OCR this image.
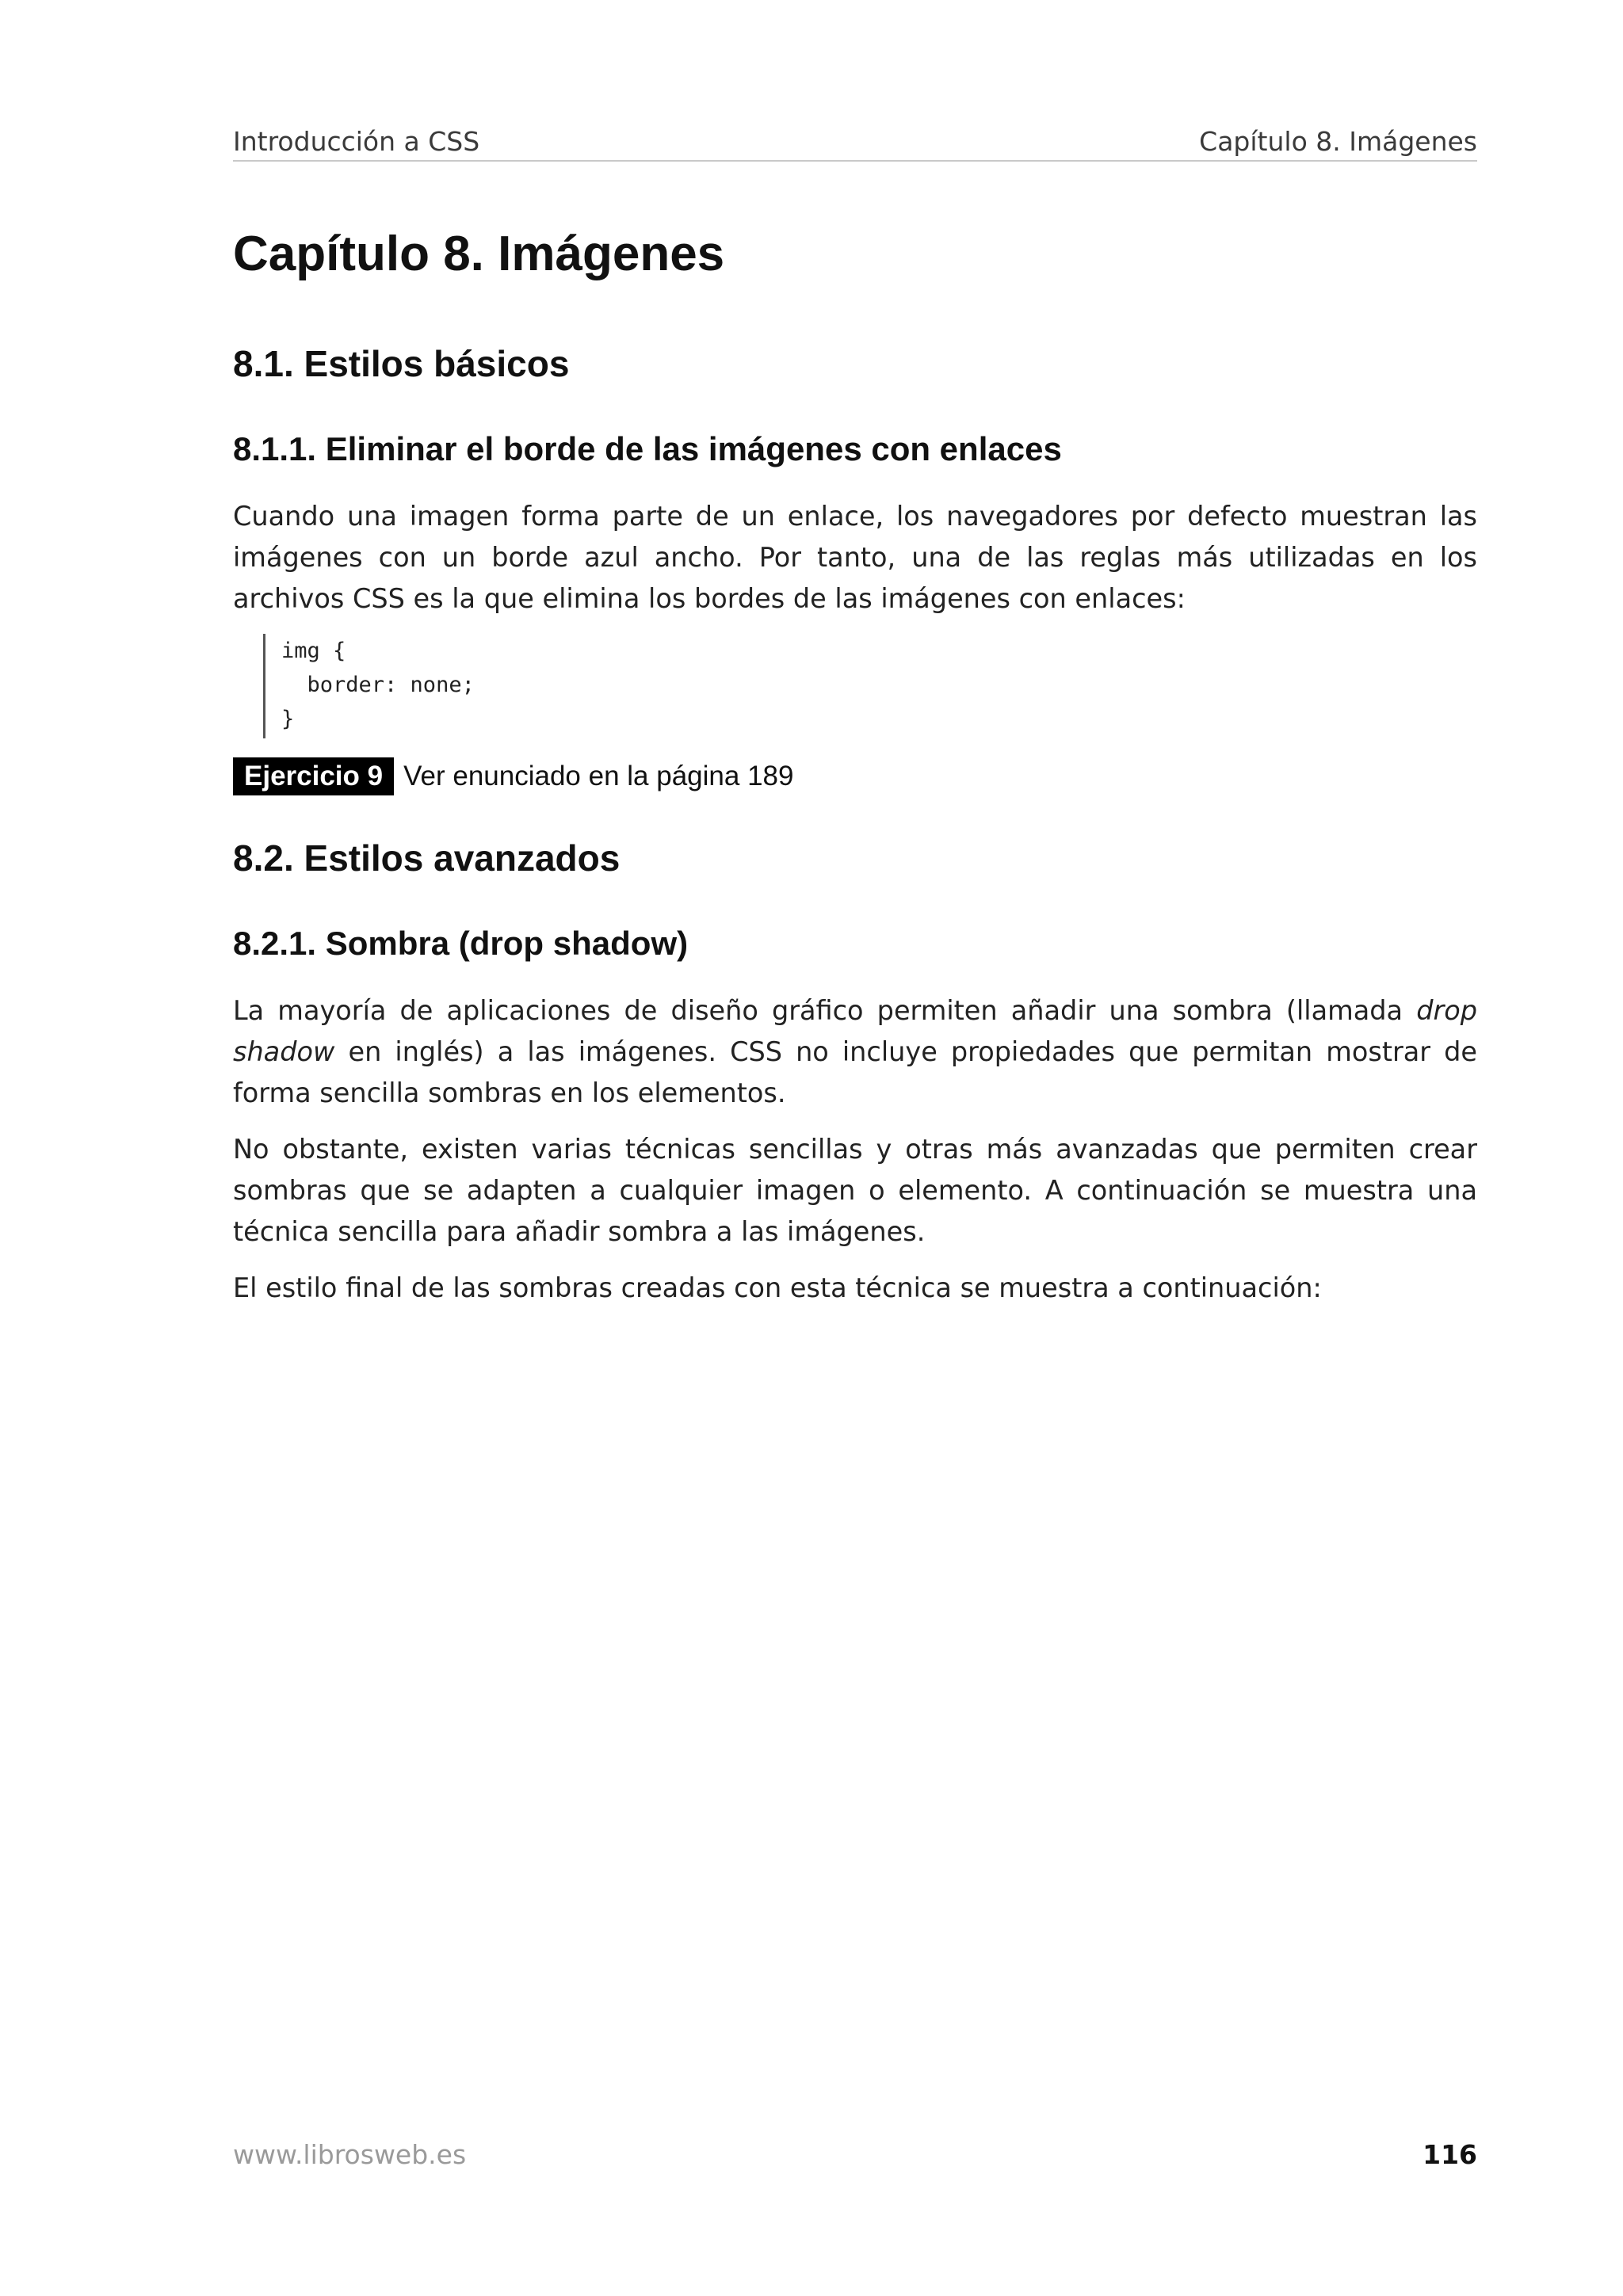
Introducción a CSS	Capítulo 8. Imágenes
Capítulo 8. Imágenes
8.1. Estilos básicos
8.1.1. Eliminar el borde de las imágenes con enlaces

Cuando una imagen forma parte de un enlace, los navegadores por defecto muestran las imágenes con un borde azul ancho. Por tanto, una de las reglas más utilizadas en los archivos CSS es la que elimina los bordes de las imágenes con enlaces:

img {
border: none;
}
Ejercicio 9 Ver enunciado en la página 189
8.2. Estilos avanzados
8.2.1. Sombra (drop shadow)

La mayoría de aplicaciones de diseño gráfico permiten añadir una sombra (llamada drop shadow en inglés) a las imágenes. CSS no incluye propiedades que permitan mostrar de forma sencilla sombras en los elementos.

No obstante, existen varias técnicas sencillas y otras más avanzadas que permiten crear sombras que se adapten a cualquier imagen o elemento. A continuación se muestra una técnica sencilla para añadir sombra a las imágenes.

El estilo final de las sombras creadas con esta técnica se muestra a continuación:

www.librosweb.es	116
